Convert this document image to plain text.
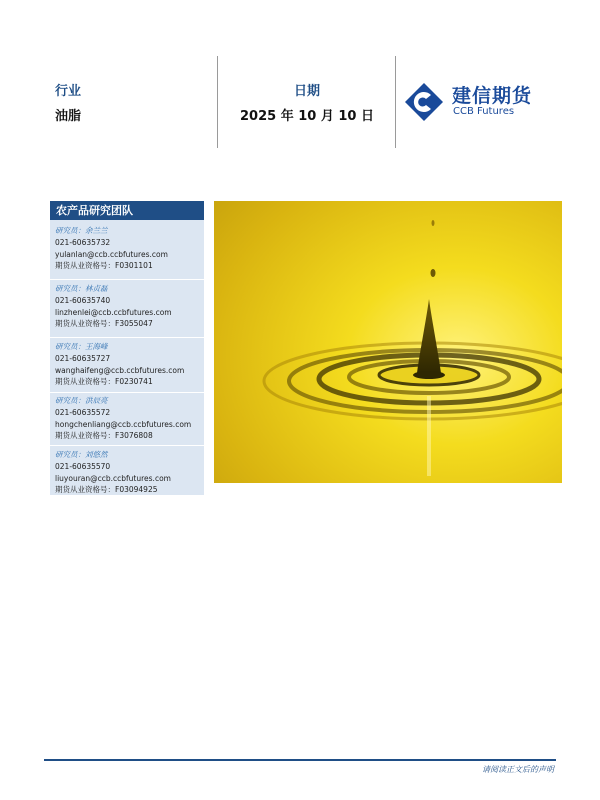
行业
油脂
日期
2025 年 10 月 10 日
建信期货
CCB Futures
农产品研究团队
研究员：余兰兰
021-60635732
yulanlan@ccb.ccbfutures.com
期货从业资格号：F0301101
研究员：林贞磊
021-60635740
linzhenlei@ccb.ccbfutures.com
期货从业资格号：F3055047
研究员：王海峰
021-60635727
wanghaifeng@ccb.ccbfutures.com
期货从业资格号：F0230741
研究员：洪辰亮
021-60635572
hongchenliang@ccb.ccbfutures.com
期货从业资格号：F3076808
研究员：刘悠然
021-60635570
liuyouran@ccb.ccbfutures.com
期货从业资格号：F03094925
请阅读正文后的声明
